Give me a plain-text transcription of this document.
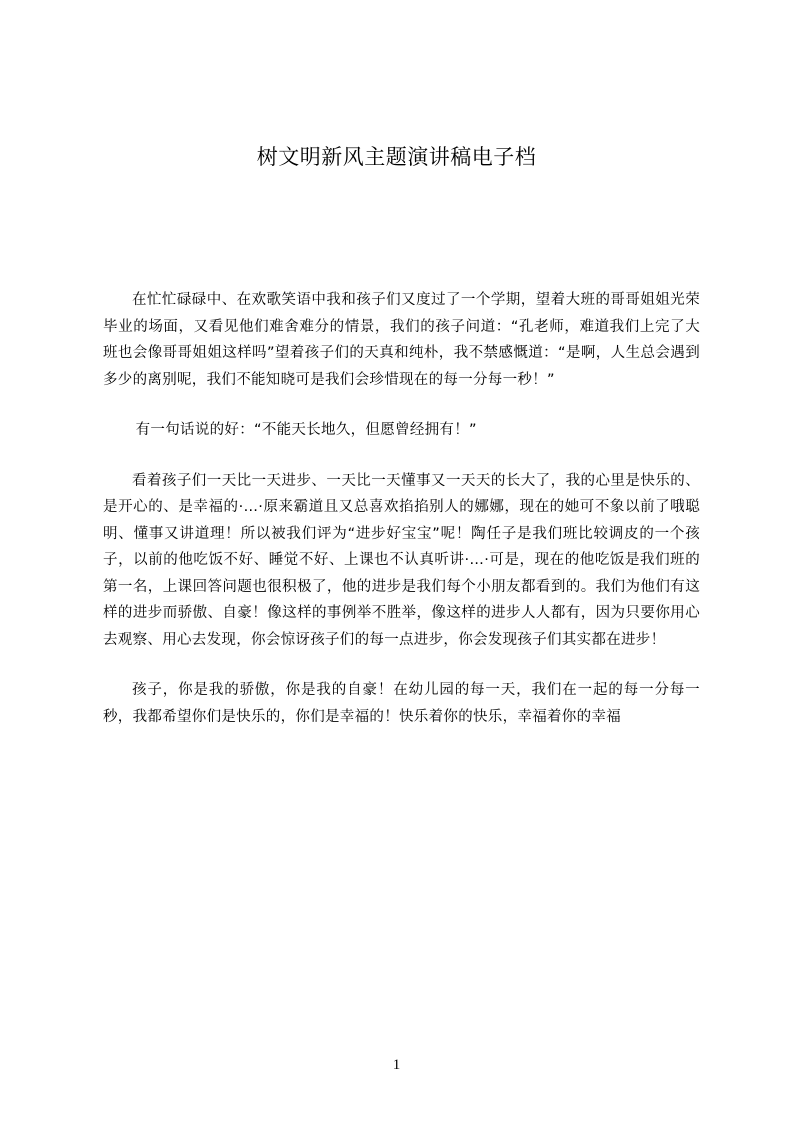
树文明新风主题演讲稿电子档

在忙忙碌碌中、在欢歌笑语中我和孩子们又度过了一个学期，望着大班的哥哥姐姐光荣毕业的场面，又看见他们难舍难分的情景，我们的孩子问道：“孔老师，难道我们上完了大班也会像哥哥姐姐这样吗”望着孩子们的天真和纯朴，我不禁感慨道：“是啊，人生总会遇到多少的离别呢，我们不能知晓可是我们会珍惜现在的每一分每一秒！”

有一句话说的好：“不能天长地久，但愿曾经拥有！”

看着孩子们一天比一天进步、一天比一天懂事又一天天的长大了，我的心里是快乐的、是开心的、是幸福的·…·原来霸道且又总喜欢掐掐别人的娜娜，现在的她可不象以前了哦聪明、懂事又讲道理！所以被我们评为“进步好宝宝”呢！陶任子是我们班比较调皮的一个孩子，以前的他吃饭不好、睡觉不好、上课也不认真听讲·…·可是，现在的他吃饭是我们班的第一名，上课回答问题也很积极了，他的进步是我们每个小朋友都看到的。我们为他们有这样的进步而骄傲、自豪！像这样的事例举不胜举，像这样的进步人人都有，因为只要你用心去观察、用心去发现，你会惊讶孩子们的每一点进步，你会发现孩子们其实都在进步！

孩子，你是我的骄傲，你是我的自豪！在幼儿园的每一天，我们在一起的每一分每一秒，我都希望你们是快乐的，你们是幸福的！快乐着你的快乐，幸福着你的幸福

1
